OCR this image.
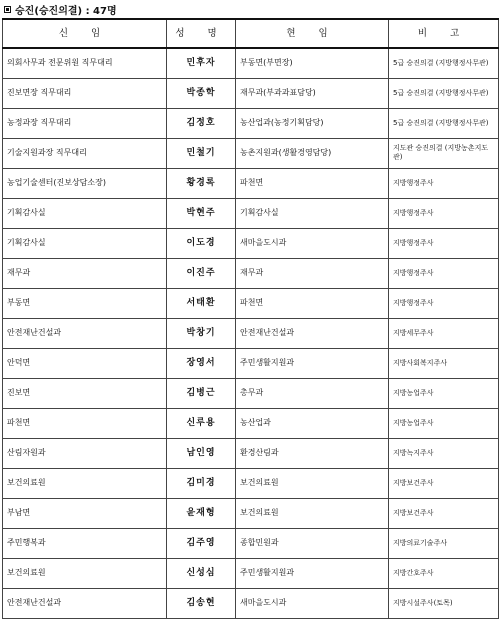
승진(승진의결) : 47명
신 임	성 명	현 임	비 고
의회사무과 전문위원 직무대리	민후자	부동면(부면장)	5급 승진의결 (지방행정사무관)
진보면장 직무대리	박종학	재무과(부과과표담당)	5급 승진의결 (지방행정사무관)
농정과장 직무대리	김정호	농산업과(농정기획담당)	5급 승진의결 (지방행정사무관)
기술지원과장 직무대리	민철기	농촌지원과(생활경영담당)	지도관 승진의결 (지방농촌지도관)
농업기술센터(진보상담소장)	황경록	파천면	지방행정주사
기획감사실	박현주	기획감사실	지방행정주사
기획감사실	이도경	새마을도시과	지방행정주사
재무과	이진주	재무과	지방행정주사
부동면	서태환	파천면	지방행정주사
안전재난건설과	박창기	안전재난건설과	지방세무주사
안덕면	장영서	주민생활지원과	지방사회복지주사
진보면	김병근	총무과	지방농업주사
파천면	신루용	농산업과	지방농업주사
산림자원과	남인영	환경산림과	지방녹지주사
보건의료원	김미경	보건의료원	지방보건주사
부남면	윤재형	보건의료원	지방보건주사
주민행복과	김주영	종합민원과	지방의료기술주사
보건의료원	신성심	주민생활지원과	지방간호주사
안전재난건설과	김송현	새마을도시과	지방시설주사(토목)
